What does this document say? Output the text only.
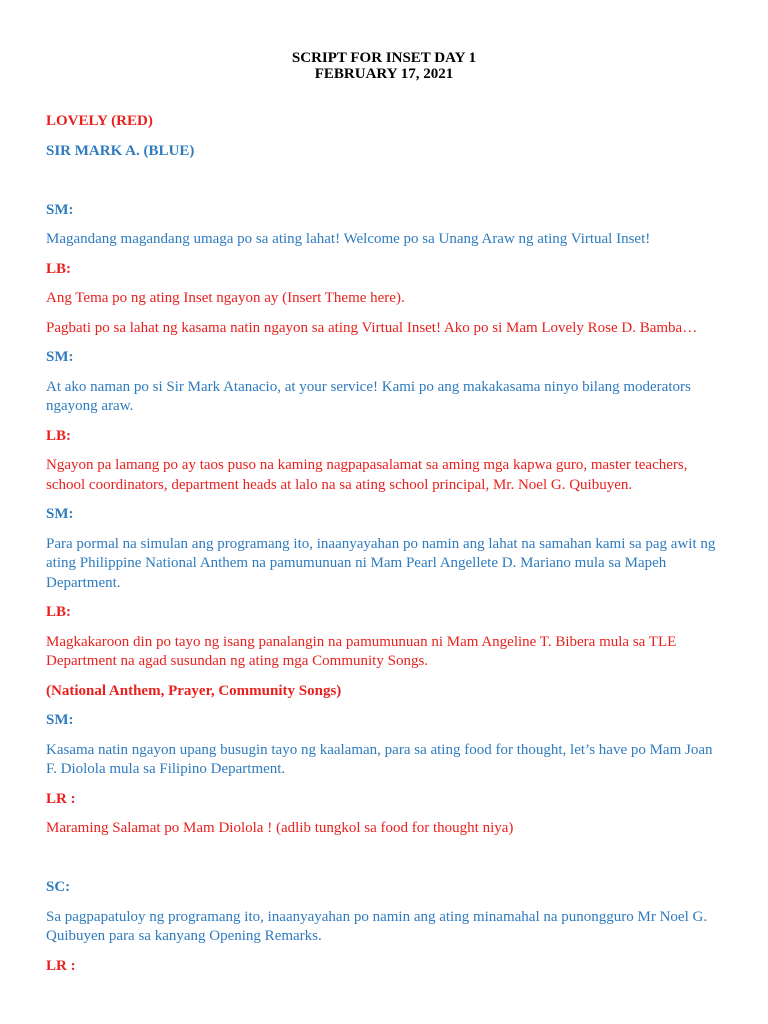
SCRIPT FOR INSET DAY 1
FEBRUARY 17, 2021

LOVELY (RED)

SIR MARK A. (BLUE)

SM:

Magandang magandang umaga po sa ating lahat! Welcome po sa Unang Araw ng ating Virtual Inset!

LB:

Ang Tema po ng ating Inset ngayon ay (Insert Theme here).

Pagbati po sa lahat ng kasama natin ngayon sa ating Virtual Inset! Ako po si Mam Lovely Rose D. Bamba…

SM:

At ako naman po si Sir Mark Atanacio, at your service! Kami po ang makakasama ninyo bilang moderators
ngayong araw.

LB:

Ngayon pa lamang po ay taos puso na kaming nagpapasalamat sa aming mga kapwa guro, master teachers,
school coordinators, department heads at lalo na sa ating school principal, Mr. Noel G. Quibuyen.

SM:

Para pormal na simulan ang programang ito, inaanyayahan po namin ang lahat na samahan kami sa pag awit ng
ating Philippine National Anthem na pamumunuan ni Mam Pearl Angellete D. Mariano mula sa Mapeh
Department.

LB:

Magkakaroon din po tayo ng isang panalangin na pamumunuan ni Mam Angeline T. Bibera mula sa TLE
Department na agad susundan ng ating mga Community Songs.

(National Anthem, Prayer, Community Songs)

SM:

Kasama natin ngayon upang busugin tayo ng kaalaman, para sa ating food for thought, let’s have po Mam Joan
F. Diolola mula sa Filipino Department.

LR :

Maraming Salamat po Mam Diolola ! (adlib tungkol sa food for thought niya)

SC:

Sa pagpapatuloy ng programang ito, inaanyayahan po namin ang ating minamahal na punongguro Mr Noel G.
Quibuyen para sa kanyang Opening Remarks.

LR :
